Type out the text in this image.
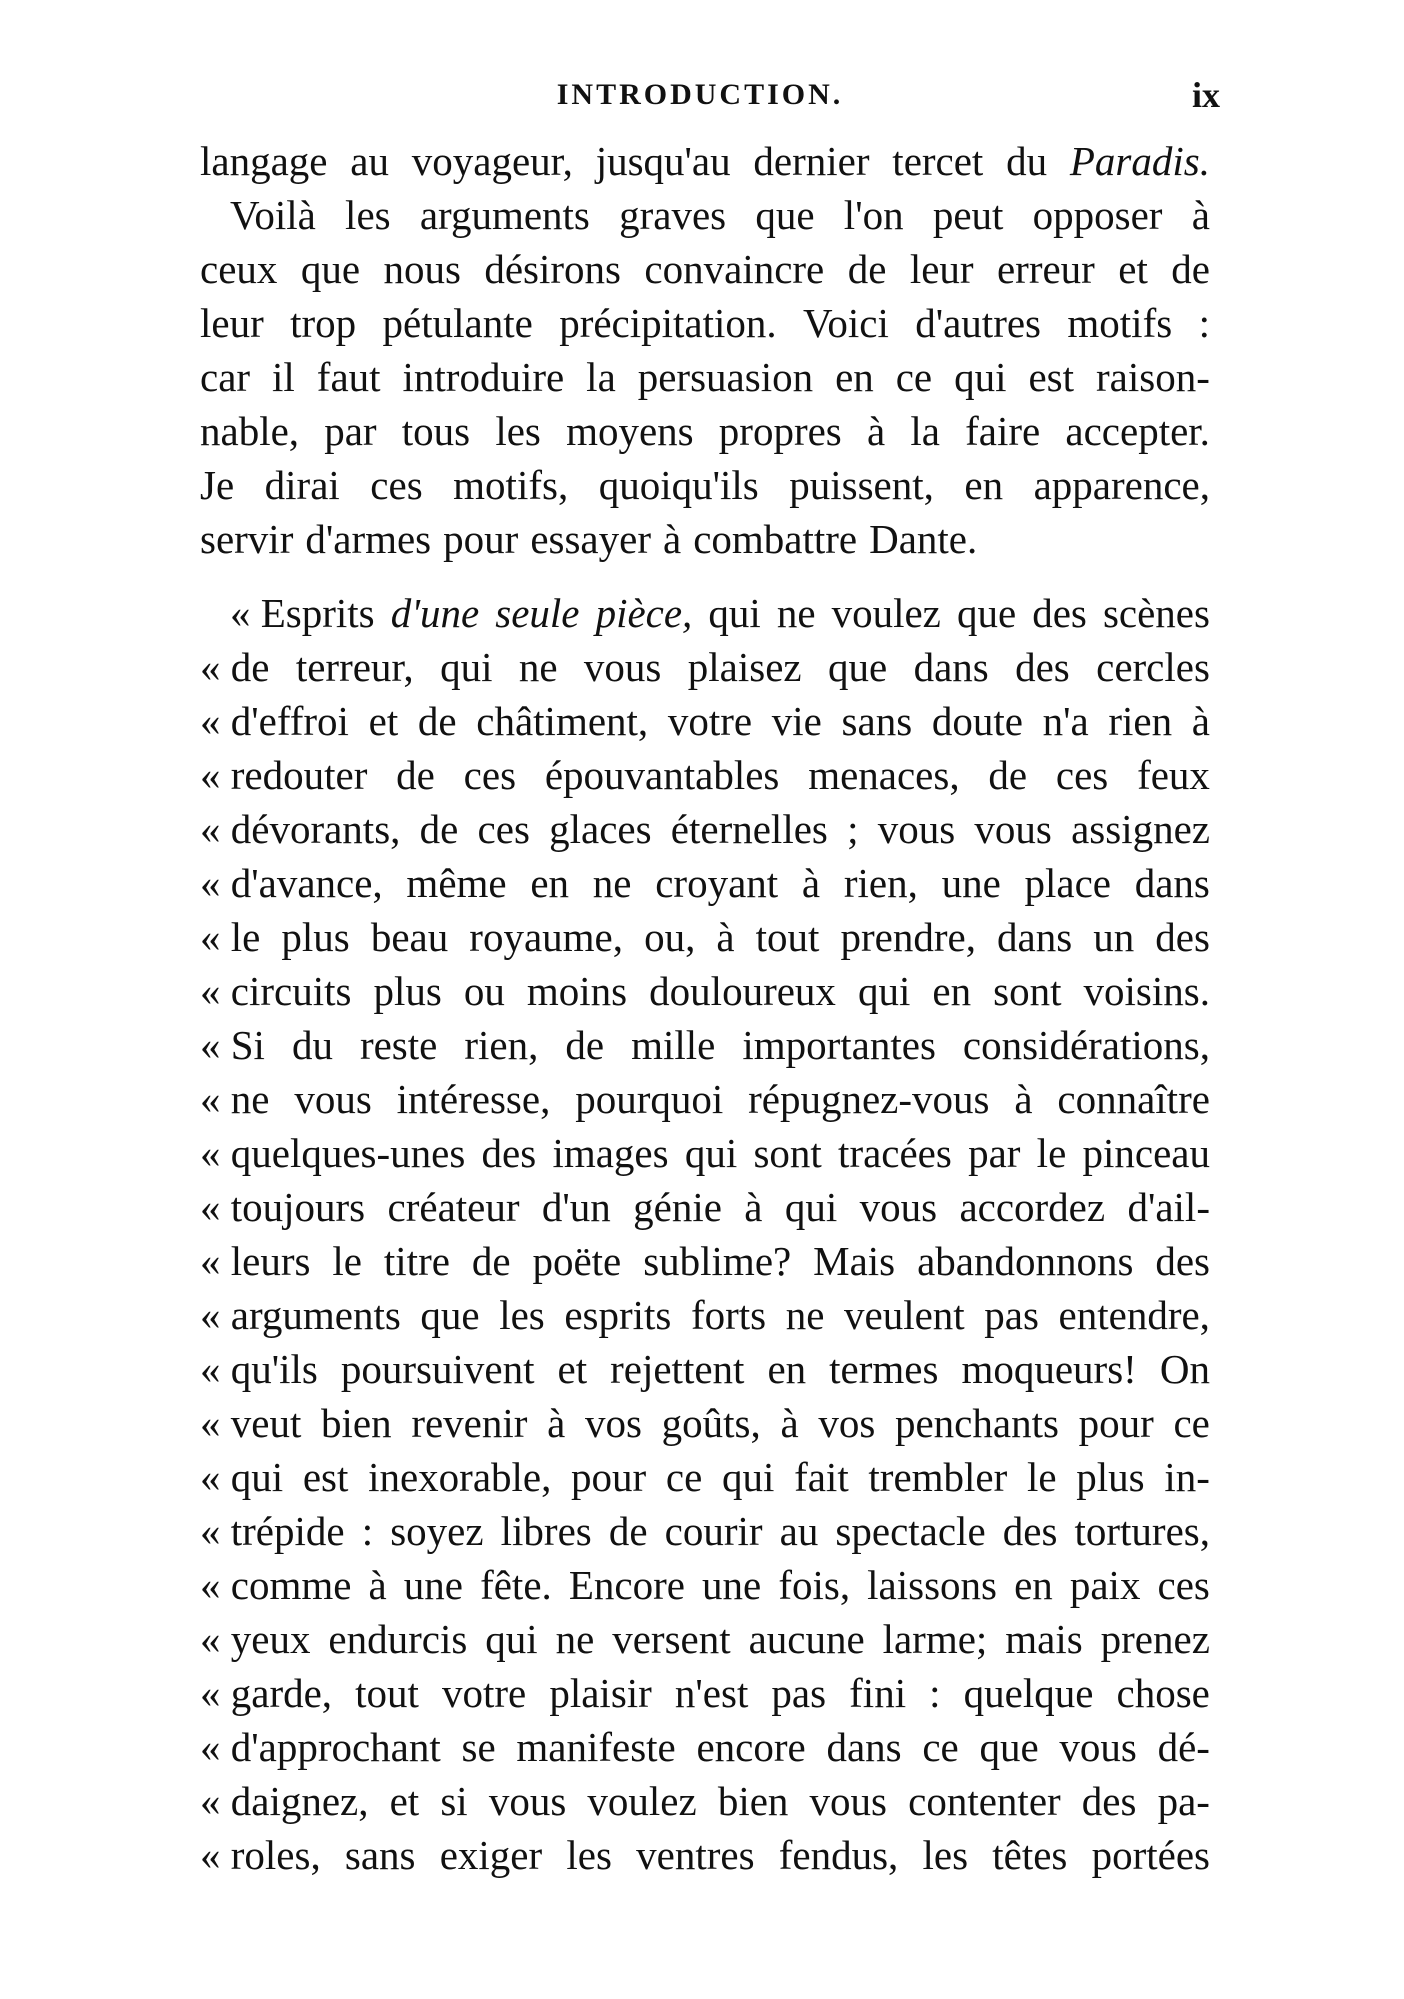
INTRODUCTION.	ix
langage au voyageur, jusqu'au dernier tercet du Paradis.
Voilà les arguments graves que l'on peut opposer à
ceux que nous désirons convaincre de leur erreur et de
leur trop pétulante précipitation. Voici d'autres motifs :
car il faut introduire la persuasion en ce qui est raison-
nable, par tous les moyens propres à la faire accepter.
Je dirai ces motifs, quoiqu'ils puissent, en apparence,
servir d'armes pour essayer à combattre Dante.
« Esprits d'une seule pièce, qui ne voulez que des scènes
« de terreur, qui ne vous plaisez que dans des cercles
« d'effroi et de châtiment, votre vie sans doute n'a rien à
« redouter de ces épouvantables menaces, de ces feux
« dévorants, de ces glaces éternelles ; vous vous assignez
« d'avance, même en ne croyant à rien, une place dans
« le plus beau royaume, ou, à tout prendre, dans un des
« circuits plus ou moins douloureux qui en sont voisins.
« Si du reste rien, de mille importantes considérations,
« ne vous intéresse, pourquoi répugnez-vous à connaître
« quelques-unes des images qui sont tracées par le pinceau
« toujours créateur d'un génie à qui vous accordez d'ail-
« leurs le titre de poëte sublime? Mais abandonnons des
« arguments que les esprits forts ne veulent pas entendre,
« qu'ils poursuivent et rejettent en termes moqueurs! On
« veut bien revenir à vos goûts, à vos penchants pour ce
« qui est inexorable, pour ce qui fait trembler le plus in-
« trépide : soyez libres de courir au spectacle des tortures,
« comme à une fête. Encore une fois, laissons en paix ces
« yeux endurcis qui ne versent aucune larme; mais prenez
« garde, tout votre plaisir n'est pas fini : quelque chose
« d'approchant se manifeste encore dans ce que vous dé-
« daignez, et si vous voulez bien vous contenter des pa-
« roles, sans exiger les ventres fendus, les têtes portées
